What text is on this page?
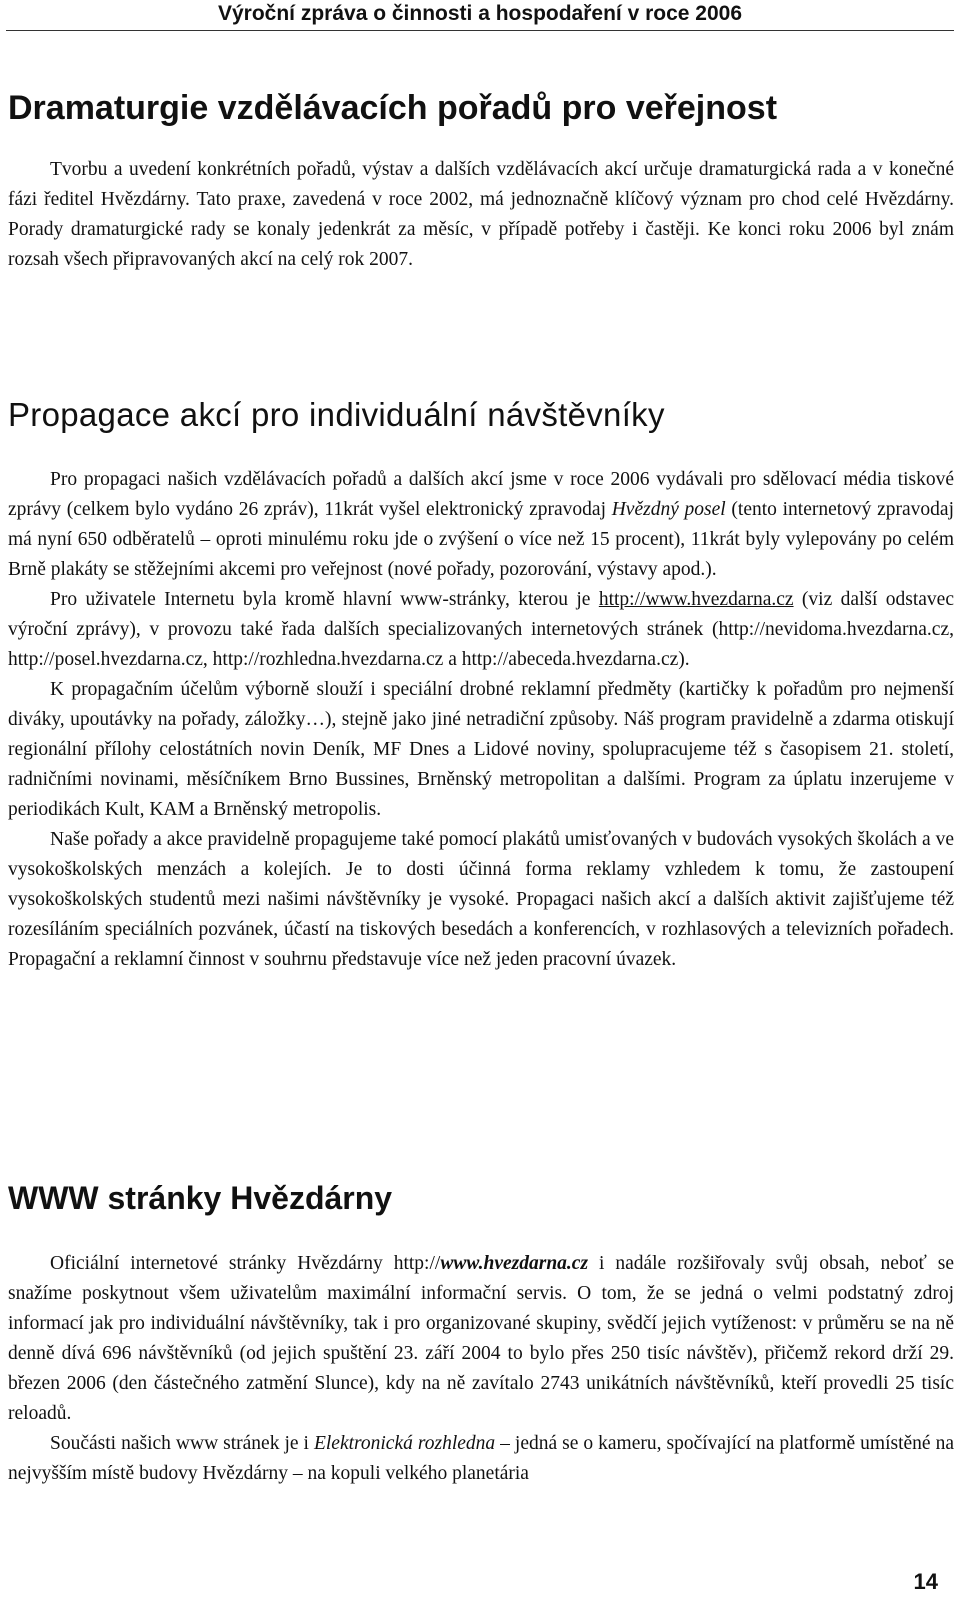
Výroční zpráva o činnosti a hospodaření v roce 2006
Dramaturgie vzdělávacích pořadů pro veřejnost

Tvorbu a uvedení konkrétních pořadů, výstav a dalších vzdělávacích akcí určuje dramaturgická rada a v konečné fázi ředitel Hvězdárny. Tato praxe, zavedená v roce 2002, má jednoznačně klíčový význam pro chod celé Hvězdárny. Porady dramaturgické rady se konaly jedenkrát za měsíc, v případě potřeby i častěji. Ke konci roku 2006 byl znám rozsah všech připravovaných akcí na celý rok 2007.

Propagace akcí pro individuální návštěvníky

Pro propagaci našich vzdělávacích pořadů a dalších akcí jsme v roce 2006 vydávali pro sdělovací média tiskové zprávy (celkem bylo vydáno 26 zpráv), 11krát vyšel elektronický zpravodaj Hvězdný posel (tento internetový zpravodaj má nyní 650 odběratelů – oproti minulému roku jde o zvýšení o více než 15 procent), 11krát byly vylepovány po celém Brně plakáty se stěžejními akcemi pro veřejnost (nové pořady, pozorování, výstavy apod.).

Pro uživatele Internetu byla kromě hlavní www-stránky, kterou je http://www.hvezdarna.cz (viz další odstavec výroční zprávy), v provozu také řada dalších specializovaných internetových stránek (http://nevidoma.hvezdarna.cz, http://posel.hvezdarna.cz, http://rozhledna.hvezdarna.cz a http://abeceda.hvezdarna.cz).

K propagačním účelům výborně slouží i speciální drobné reklamní předměty (kartičky k pořadům pro nejmenší diváky, upoutávky na pořady, záložky…), stejně jako jiné netradiční způsoby. Náš program pravidelně a zdarma otiskují regionální přílohy celostátních novin Deník, MF Dnes a Lidové noviny, spolupracujeme též s časopisem 21. století, radničními novinami, měsíčníkem Brno Bussines, Brněnský metropolitan a dalšími. Program za úplatu inzerujeme v periodikách Kult, KAM a Brněnský metropolis.

Naše pořady a akce pravidelně propagujeme také pomocí plakátů umisťovaných v budovách vysokých školách a ve vysokoškolských menzách a kolejích. Je to dosti účinná forma reklamy vzhledem k tomu, že zastoupení vysokoškolských studentů mezi našimi návštěvníky je vysoké. Propagaci našich akcí a dalších aktivit zajišťujeme též rozesíláním speciálních pozvánek, účastí na tiskových besedách a konferencích, v rozhlasových a televizních pořadech. Propagační a reklamní činnost v souhrnu představuje více než jeden pracovní úvazek.

WWW stránky Hvězdárny

Oficiální internetové stránky Hvězdárny http://www.hvezdarna.cz i nadále rozšiřovaly svůj obsah, neboť se snažíme poskytnout všem uživatelům maximální informační servis. O tom, že se jedná o velmi podstatný zdroj informací jak pro individuální návštěvníky, tak i pro organizované skupiny, svědčí jejich vytíženost: v průměru se na ně denně dívá 696 návštěvníků (od jejich spuštění 23. září 2004 to bylo přes 250 tisíc návštěv), přičemž rekord drží 29. březen 2006 (den částečného zatmění Slunce), kdy na ně zavítalo 2743 unikátních návštěvníků, kteří provedli 25 tisíc reloadů.

Součásti našich www stránek je i Elektronická rozhledna – jedná se o kameru, spočívající na platformě umístěné na nejvyšším místě budovy Hvězdárny – na kopuli velkého planetária

14
